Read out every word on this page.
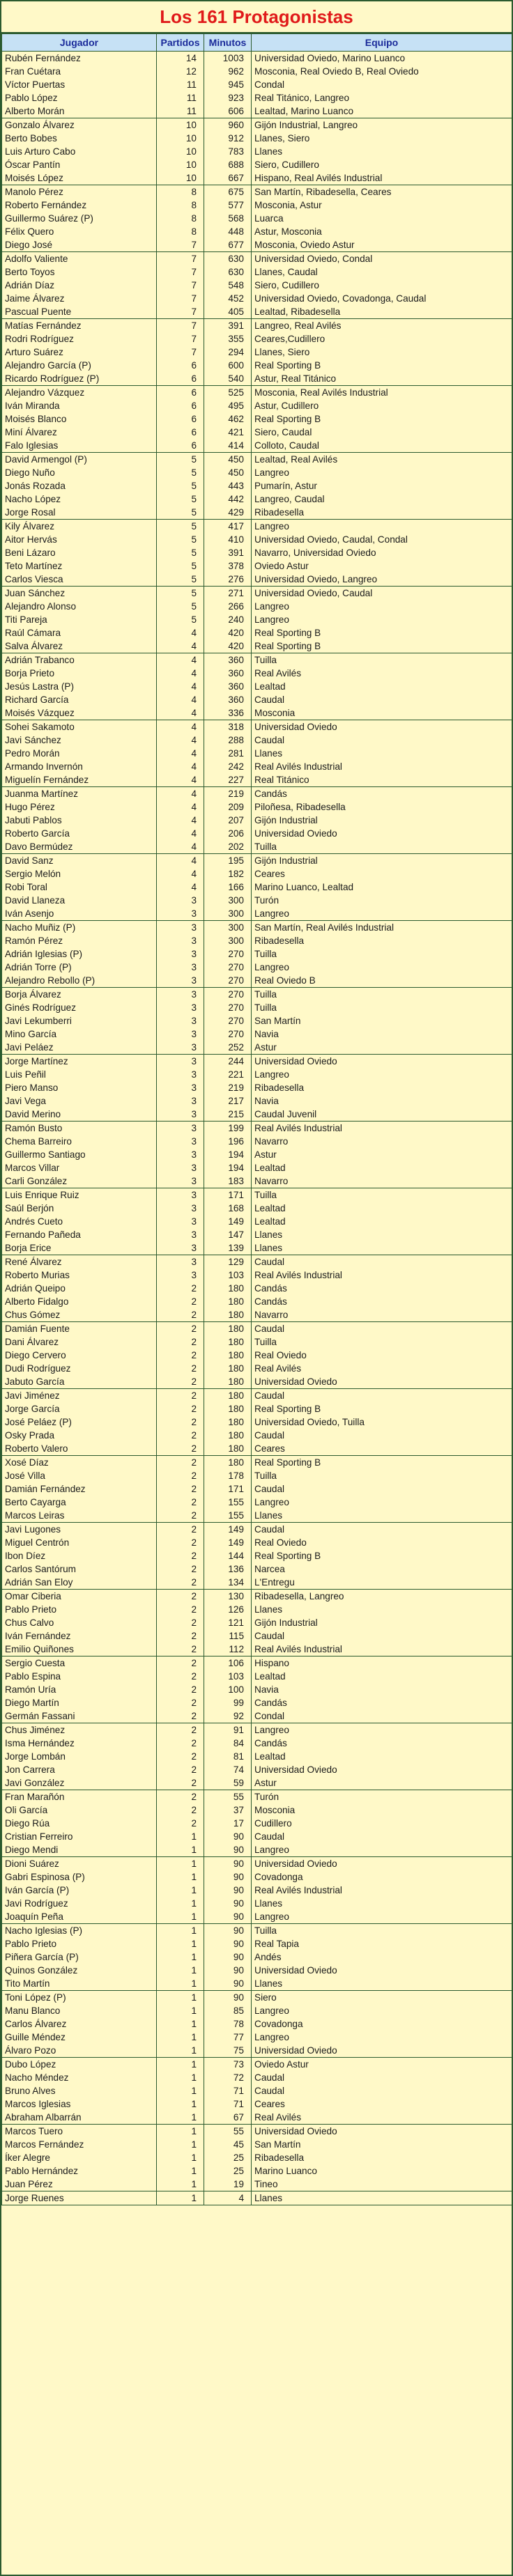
Los 161 Protagonistas
Jugador	Partidos	Minutos	Equipo
Rubén Fernández	14	1003	Universidad Oviedo, Marino Luanco
Fran Cuétara	12	962	Mosconia, Real Oviedo B, Real Oviedo
Víctor Puertas	11	945	Condal
Pablo López	11	923	Real Titánico, Langreo
Alberto Morán	11	606	Lealtad, Marino Luanco
Gonzalo Álvarez	10	960	Gijón Industrial, Langreo
Berto Bobes	10	912	Llanes, Siero
Luis Arturo Cabo	10	783	Llanes
Óscar Pantín	10	688	Siero, Cudillero
Moisés López	10	667	Hispano, Real Avilés Industrial
Manolo Pérez	8	675	San Martín, Ribadesella, Ceares
Roberto Fernández	8	577	Mosconia, Astur
Guillermo Suárez (P)	8	568	Luarca
Félix Quero	8	448	Astur, Mosconia
Diego José	7	677	Mosconia, Oviedo Astur
Adolfo Valiente	7	630	Universidad Oviedo, Condal
Berto Toyos	7	630	Llanes, Caudal
Adrián Díaz	7	548	Siero, Cudillero
Jaime Álvarez	7	452	Universidad Oviedo, Covadonga, Caudal
Pascual Puente	7	405	Lealtad, Ribadesella
Matías Fernández	7	391	Langreo, Real Avilés
Rodri Rodríguez	7	355	Ceares,Cudillero
Arturo Suárez	7	294	Llanes, Siero
Alejandro García (P)	6	600	Real Sporting B
Ricardo Rodríguez (P)	6	540	Astur, Real Titánico
Alejandro Vázquez	6	525	Mosconia, Real Avilés Industrial
Iván Miranda	6	495	Astur, Cudillero
Moisés Blanco	6	462	Real Sporting B
Miní Álvarez	6	421	Siero, Caudal
Falo Iglesias	6	414	Colloto, Caudal
David Armengol (P)	5	450	Lealtad, Real Avilés
Diego Nuño	5	450	Langreo
Jonás Rozada	5	443	Pumarín, Astur
Nacho López	5	442	Langreo, Caudal
Jorge Rosal	5	429	Ribadesella
Kily Álvarez	5	417	Langreo
Aitor Hervás	5	410	Universidad Oviedo, Caudal, Condal
Beni Lázaro	5	391	Navarro, Universidad Oviedo
Teto Martínez	5	378	Oviedo Astur
Carlos Viesca	5	276	Universidad Oviedo, Langreo
Juan Sánchez	5	271	Universidad Oviedo, Caudal
Alejandro Alonso	5	266	Langreo
Titi Pareja	5	240	Langreo
Raúl Cámara	4	420	Real Sporting B
Salva Álvarez	4	420	Real Sporting B
Adrián Trabanco	4	360	Tuilla
Borja Prieto	4	360	Real Avilés
Jesús Lastra (P)	4	360	Lealtad
Richard García	4	360	Caudal
Moisés Vázquez	4	336	Mosconia
Sohei Sakamoto	4	318	Universidad Oviedo
Javi Sánchez	4	288	Caudal
Pedro Morán	4	281	Llanes
Armando Invernón	4	242	Real Avilés Industrial
Miguelín Fernández	4	227	Real Titánico
Juanma Martínez	4	219	Candás
Hugo Pérez	4	209	Piloñesa, Ribadesella
Jabuti Pablos	4	207	Gijón Industrial
Roberto García	4	206	Universidad Oviedo
Davo Bermúdez	4	202	Tuilla
David Sanz	4	195	Gijón Industrial
Sergio Melón	4	182	Ceares
Robi Toral	4	166	Marino Luanco, Lealtad
David Llaneza	3	300	Turón
Iván Asenjo	3	300	Langreo
Nacho Muñiz (P)	3	300	San Martín, Real Avilés Industrial
Ramón Pérez	3	300	Ribadesella
Adrián Iglesias (P)	3	270	Tuilla
Adrián Torre (P)	3	270	Langreo
Alejandro Rebollo (P)	3	270	Real Oviedo B
Borja Álvarez	3	270	Tuilla
Ginés Rodríguez	3	270	Tuilla
Javi Lekumberri	3	270	San Martín
Mino García	3	270	Navia
Javi Peláez	3	252	Astur
Jorge Martínez	3	244	Universidad Oviedo
Luis Peñil	3	221	Langreo
Piero Manso	3	219	Ribadesella
Javi Vega	3	217	Navia
David Merino	3	215	Caudal Juvenil
Ramón Busto	3	199	Real Avilés Industrial
Chema Barreiro	3	196	Navarro
Guillermo Santiago	3	194	Astur
Marcos Villar	3	194	Lealtad
Carli González	3	183	Navarro
Luis Enrique Ruiz	3	171	Tuilla
Saúl Berjón	3	168	Lealtad
Andrés Cueto	3	149	Lealtad
Fernando Pañeda	3	147	Llanes
Borja Erice	3	139	Llanes
René Álvarez	3	129	Caudal
Roberto Murias	3	103	Real Avilés Industrial
Adrián Queipo	2	180	Candás
Alberto Fidalgo	2	180	Candás
Chus Gómez	2	180	Navarro
Damián Fuente	2	180	Caudal
Dani Álvarez	2	180	Tuilla
Diego Cervero	2	180	Real Oviedo
Dudi Rodríguez	2	180	Real Avilés
Jabuto García	2	180	Universidad Oviedo
Javi Jiménez	2	180	Caudal
Jorge García	2	180	Real Sporting B
José Peláez (P)	2	180	Universidad Oviedo, Tuilla
Osky Prada	2	180	Caudal
Roberto Valero	2	180	Ceares
Xosé Díaz	2	180	Real Sporting B
José Villa	2	178	Tuilla
Damián Fernández	2	171	Caudal
Berto Cayarga	2	155	Langreo
Marcos Leiras	2	155	Llanes
Javi Lugones	2	149	Caudal
Miguel Centrón	2	149	Real Oviedo
Ibon Díez	2	144	Real Sporting B
Carlos Santórum	2	136	Narcea
Adrián San Eloy	2	134	L'Entregu
Omar Ciberia	2	130	Ribadesella, Langreo
Pablo Prieto	2	126	Llanes
Chus Calvo	2	121	Gijón Industrial
Iván Fernández	2	115	Caudal
Emilio Quiñones	2	112	Real Avilés Industrial
Sergio Cuesta	2	106	Hispano
Pablo Espina	2	103	Lealtad
Ramón Uría	2	100	Navia
Diego Martín	2	99	Candás
Germán Fassani	2	92	Condal
Chus Jiménez	2	91	Langreo
Isma Hernández	2	84	Candás
Jorge Lombán	2	81	Lealtad
Jon Carrera	2	74	Universidad Oviedo
Javi González	2	59	Astur
Fran Marañón	2	55	Turón
Oli García	2	37	Mosconia
Diego Rúa	2	17	Cudillero
Cristian Ferreiro	1	90	Caudal
Diego Mendi	1	90	Langreo
Dioni Suárez	1	90	Universidad Oviedo
Gabri Espinosa (P)	1	90	Covadonga
Iván García (P)	1	90	Real Avilés Industrial
Javi Rodríguez	1	90	Llanes
Joaquín Peña	1	90	Langreo
Nacho Iglesias (P)	1	90	Tuilla
Pablo Prieto	1	90	Real Tapia
Piñera García (P)	1	90	Andés
Quinos González	1	90	Universidad Oviedo
Tito Martín	1	90	Llanes
Toni López (P)	1	90	Siero
Manu Blanco	1	85	Langreo
Carlos Álvarez	1	78	Covadonga
Guille Méndez	1	77	Langreo
Álvaro Pozo	1	75	Universidad Oviedo
Dubo López	1	73	Oviedo Astur
Nacho Méndez	1	72	Caudal
Bruno Alves	1	71	Caudal
Marcos Iglesias	1	71	Ceares
Abraham Albarrán	1	67	Real Avilés
Marcos Tuero	1	55	Universidad Oviedo
Marcos Fernández	1	45	San Martín
Íker Alegre	1	25	Ribadesella
Pablo Hernández	1	25	Marino Luanco
Juan Pérez	1	19	Tineo
Jorge Ruenes	1	4	Llanes
